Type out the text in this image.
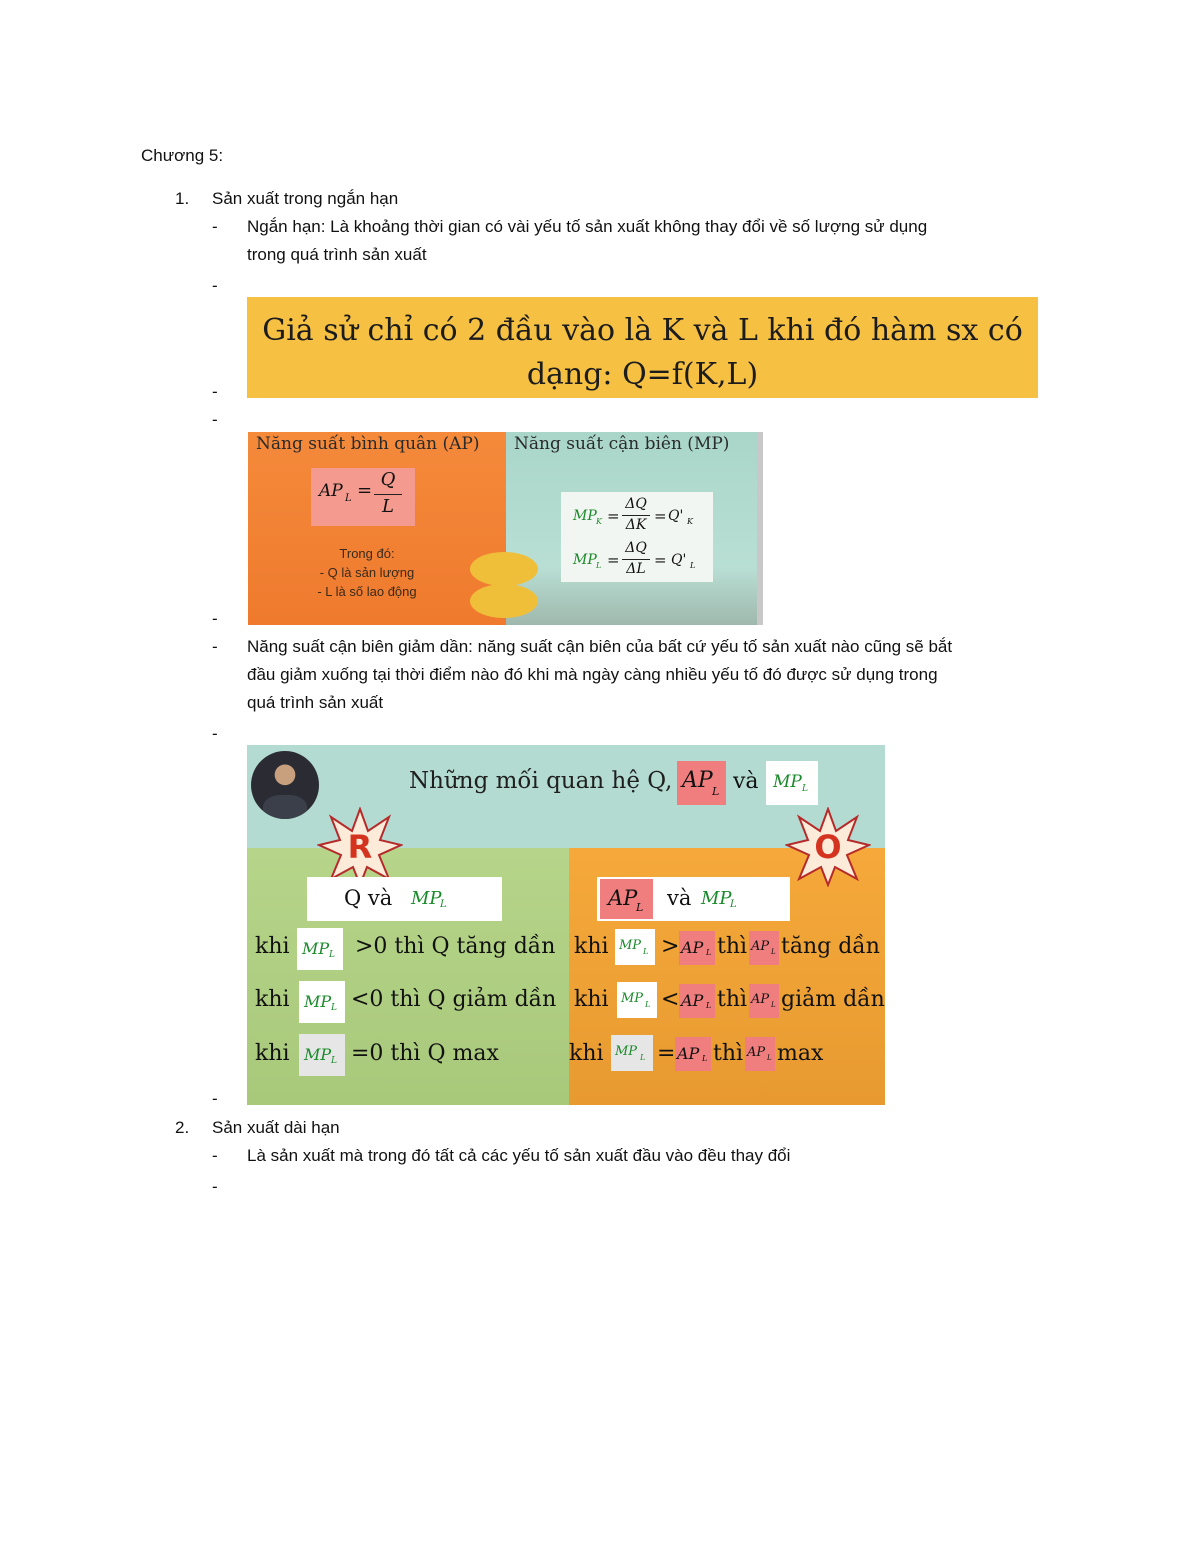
Chương 5:
1. Sản xuất trong ngắn hạn
- Ngắn hạn: Là khoảng thời gian có vài yếu tố sản xuất không thay đổi về số lượng sử dụng
trong quá trình sản xuất
-
Giả sử chỉ có 2 đầu vào là K và L khi đó hàm sx có
dạng: Q=f(K,L)
-
-
Năng suất bình quân (AP) Năng suất cận biên (MP)
AP L =
Q
L
Trong đó:
- Q là sản lượng
- L là số lao động
MP K =
ΔQ
ΔK = Q' K
MP L =
ΔQ
ΔL = Q' L
-
- Năng suất cận biên giảm dần: năng suất cận biên của bất cứ yếu tố sản xuất nào cũng sẽ bắt
đầu giảm xuống tại thời điểm nào đó khi mà ngày càng nhiều yếu tố đó được sử dụng trong
quá trình sản xuất
-
Những mối quan hệ Q, AP L và MP L
R	O
Q và MP
L	AP
L và MP
L
khi MP L >0 thì Q tăng dần
khi MP L <0 thì Q giảm dần
khi MP L =0 thì Q max
khi MP L > AP L thì AP L tăng dần
khi MP L < AP L thì AP L giảm dần
khi MP L = AP L thì AP L max
-
2. Sản xuất dài hạn
- Là sản xuất mà trong đó tất cả các yếu tố sản xuất đầu vào đều thay đổi
-
